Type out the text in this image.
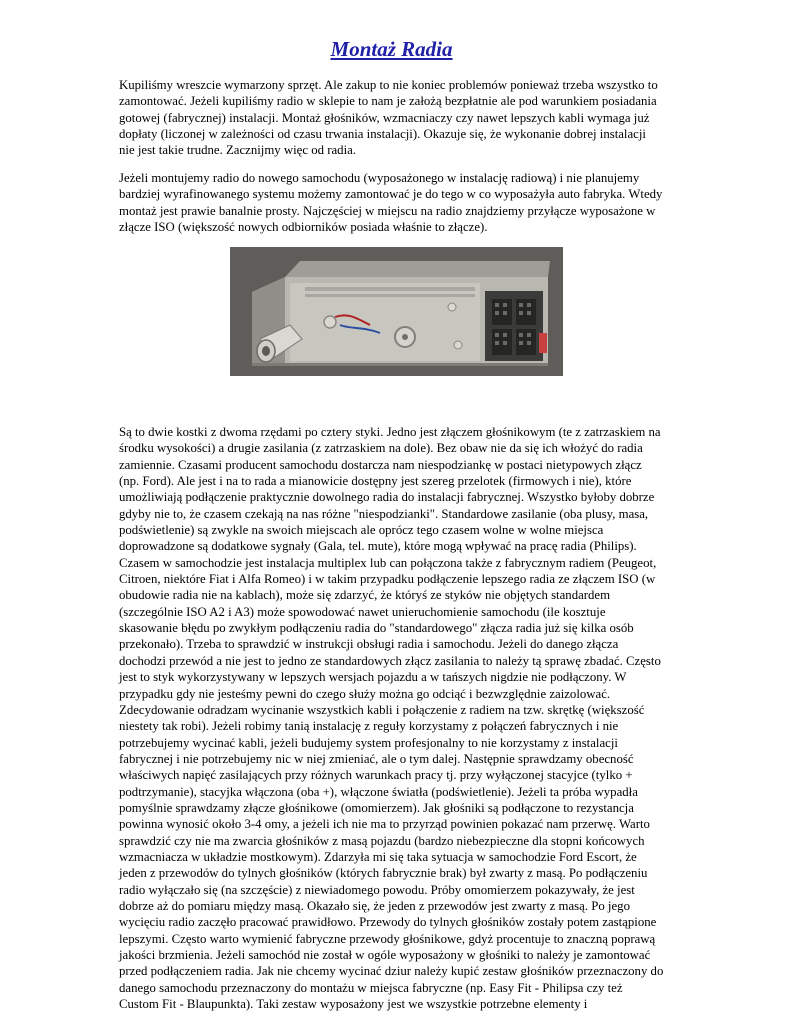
Montaż Radia

Kupiliśmy wreszcie wymarzony sprzęt. Ale zakup to nie koniec problemów ponieważ trzeba wszystko to zamontować. Jeżeli kupiliśmy radio w sklepie to nam je założą bezpłatnie ale pod warunkiem posiadania gotowej (fabrycznej) instalacji. Montaż głośników, wzmacniaczy czy nawet lepszych kabli wymaga już dopłaty (liczonej w zależności od czasu trwania instalacji). Okazuje się, że wykonanie dobrej instalacji nie jest takie trudne. Zacznijmy więc od radia.

Jeżeli montujemy radio do nowego samochodu (wyposażonego w instalację radiową) i nie planujemy bardziej wyrafinowanego systemu możemy zamontować je do tego w co wyposażyła auto fabryka. Wtedy montaż jest prawie banalnie prosty. Najczęściej w miejscu na radio znajdziemy przyłącze wyposażone w złącze ISO (większość nowych odbiorników posiada właśnie to złącze).

Są to dwie kostki z dwoma rzędami po cztery styki. Jedno jest złączem głośnikowym (te z zatrzaskiem na środku wysokości) a drugie zasilania (z zatrzaskiem na dole). Bez obaw nie da się ich włożyć do radia zamiennie. Czasami producent samochodu dostarcza nam niespodziankę w postaci nietypowych złącz (np. Ford). Ale jest i na to rada a mianowicie dostępny jest szereg przelotek (firmowych i nie), które umożliwiają podłączenie praktycznie dowolnego radia do instalacji fabrycznej. Wszystko byłoby dobrze gdyby nie to, że czasem czekają na nas różne "niespodzianki". Standardowe zasilanie (oba plusy, masa, podświetlenie) są zwykle na swoich miejscach ale oprócz tego czasem wolne w wolne miejsca doprowadzone są dodatkowe sygnały (Gala, tel. mute), które mogą wpływać na pracę radia (Philips). Czasem w samochodzie jest instalacja multiplex lub can połączona także z fabrycznym radiem (Peugeot, Citroen, niektóre Fiat i Alfa Romeo) i w takim przypadku podłączenie lepszego radia ze złączem ISO (w obudowie radia nie na kablach), może się zdarzyć, że któryś ze styków nie objętych standardem (szczególnie ISO A2 i A3) może spowodować nawet unieruchomienie samochodu (ile kosztuje skasowanie błędu po zwykłym podłączeniu radia do "standardowego" złącza radia już się kilka osób przekonało). Trzeba to sprawdzić w instrukcji obsługi radia i samochodu. Jeżeli do danego złącza dochodzi przewód a nie jest to jedno ze standardowych złącz zasilania to należy tą sprawę zbadać. Często jest to styk wykorzystywany w lepszych wersjach pojazdu a w tańszych nigdzie nie podłączony. W przypadku gdy nie jesteśmy pewni do czego służy można go odciąć i bezwzględnie zaizolować. Zdecydowanie odradzam wycinanie wszystkich kabli i połączenie z radiem na tzw. skrętkę (większość niestety tak robi). Jeżeli robimy tanią instalację z reguły korzystamy z połączeń fabrycznych i nie potrzebujemy wycinać kabli, jeżeli budujemy system profesjonalny to nie korzystamy z instalacji fabrycznej i nie potrzebujemy nic w niej zmieniać, ale o tym dalej. Następnie sprawdzamy obecność właściwych napięć zasilających przy różnych warunkach pracy tj. przy wyłączonej stacyjce (tylko + podtrzymanie), stacyjka włączona (oba +), włączone światła (podświetlenie). Jeżeli ta próba wypadła pomyślnie sprawdzamy złącze głośnikowe (omomierzem). Jak głośniki są podłączone to rezystancja powinna wynosić około 3-4 omy, a jeżeli ich nie ma to przyrząd powinien pokazać nam przerwę. Warto sprawdzić czy nie ma zwarcia głośników z masą pojazdu (bardzo niebezpieczne dla stopni końcowych wzmacniacza w układzie mostkowym). Zdarzyła mi się taka sytuacja w samochodzie Ford Escort, że jeden z przewodów do tylnych głośników (których fabrycznie brak) był zwarty z masą. Po podłączeniu radio wyłączało się (na szczęście) z niewiadomego powodu. Próby omomierzem pokazywały, że jest dobrze aż do pomiaru między masą. Okazało się, że jeden z przewodów jest zwarty z masą. Po jego wycięciu radio zaczęło pracować prawidłowo. Przewody do tylnych głośników zostały potem zastąpione lepszymi. Często warto wymienić fabryczne przewody głośnikowe, gdyż procentuje to znaczną poprawą jakości brzmienia. Jeżeli samochód nie został w ogóle wyposażony w głośniki to należy je zamontować przed podłączeniem radia. Jak nie chcemy wycinać dziur należy kupić zestaw głośników przeznaczony do danego samochodu przeznaczony do montażu w miejsca fabryczne (np. Easy Fit - Philipsa czy też Custom Fit - Blaupunkta). Taki zestaw wyposażony jest we wszystkie potrzebne elementy i
